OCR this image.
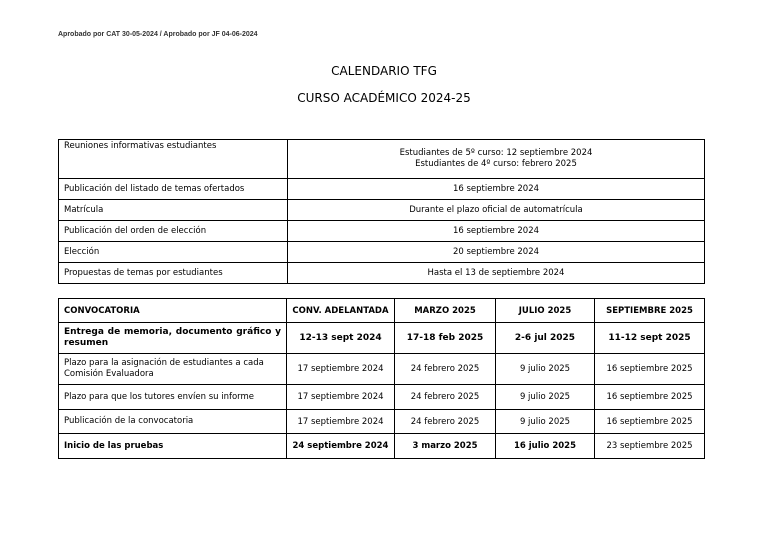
Aprobado por CAT 30-05-2024 / Aprobado por JF 04-06-2024
CALENDARIO TFG
CURSO ACADÉMICO 2024-25
Reuniones informativas estudiantes	Estudiantes de 5º curso: 12 septiembre 2024
Estudiantes de 4º curso: febrero 2025

Publicación del listado de temas ofertados	16 septiembre 2024
Matrícula	Durante el plazo oficial de automatrícula
Publicación del orden de elección	16 septiembre 2024
Elección	20 septiembre 2024
Propuestas de temas por estudiantes	Hasta el 13 de septiembre 2024
CONVOCATORIA	CONV. ADELANTADA	MARZO 2025	JULIO 2025	SEPTIEMBRE 2025
Entrega de memoria, documento gráfico y resumen	12-13 sept 2024	17-18 feb 2025	2-6 jul 2025	11-12 sept 2025
Plazo para la asignación de estudiantes a cada Comisión Evaluadora	17 septiembre 2024	24 febrero 2025	9 julio 2025	16 septiembre 2025
Plazo para que los tutores envíen su informe	17 septiembre 2024	24 febrero 2025	9 julio 2025	16 septiembre 2025
Publicación de la convocatoria	17 septiembre 2024	24 febrero 2025	9 julio 2025	16 septiembre 2025
Inicio de las pruebas	24 septiembre 2024	3 marzo 2025	16 julio 2025	23 septiembre 2025
